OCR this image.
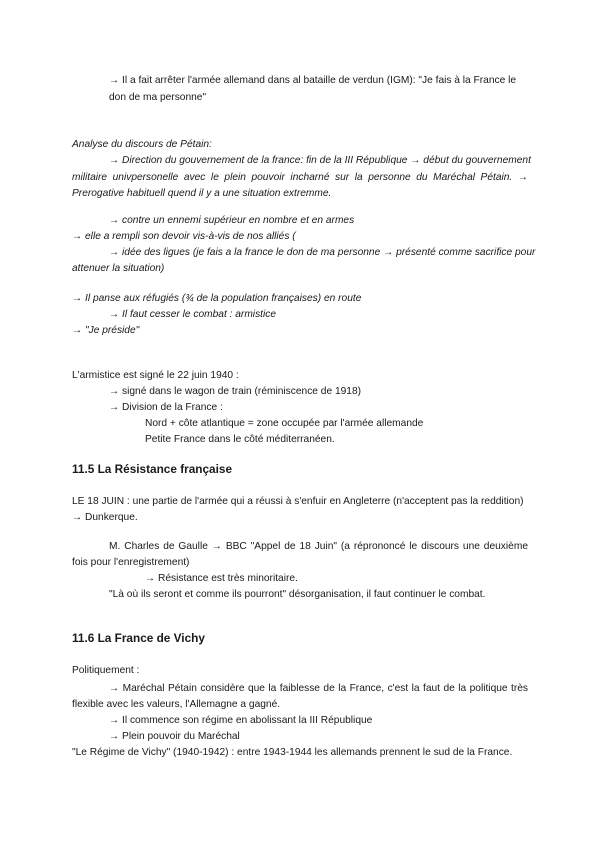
→ Il a fait arrêter l'armée allemand dans al bataille de verdun (IGM): "Je fais à la France le
don de ma personne"
Analyse du discours de Pétain:
→ Direction du gouvernement de la france: fin de la III République → début du gouvernement
militaire univpersonelle avec le plein pouvoir incharné sur la personne du Maréchal Pétain. →
Prerogative habituell quend il y a une situation extremme.
→ contre un ennemi supérieur en nombre et en armes
→ elle a rempli son devoir vis-à-vis de nos alliés (
→ idée des ligues (je fais a la france le don de ma personne → présenté comme sacrifice pour
attenuer la situation)
→ Il panse aux réfugiés (¾ de la population françaises) en route
→ Il faut cesser le combat : armistice
→ "Je préside"
L'armistice est signé le 22 juin 1940 :
→ signé dans le wagon de train (réminiscence de 1918)
→ Division de la France :
Nord + côte atlantique = zone occupée par l'armée allemande
Petite France dans le côté méditerranéen.
11.5 La Résistance française
LE 18 JUIN : une partie de l'armée qui a réussi à s'enfuir en Angleterre (n'acceptent pas la reddition)
→ Dunkerque.
M. Charles de Gaulle → BBC "Appel de 18 Juin" (a réprononcé le discours une deuxième
fois pour l'enregistrement)
→ Résistance est très minoritaire.
"Là où ils seront et comme ils pourront" désorganisation, il faut continuer le combat.
11.6 La France de Vichy
Politiquement :
→ Maréchal Pétain considère que la faiblesse de la France, c'est la faut de la politique très
flexible avec les valeurs, l'Allemagne a gagné.
→ Il commence son régime en abolissant la III République
→ Plein pouvoir du Maréchal
"Le Régime de Vichy" (1940-1942) : entre 1943-1944 les allemands prennent le sud de la France.
